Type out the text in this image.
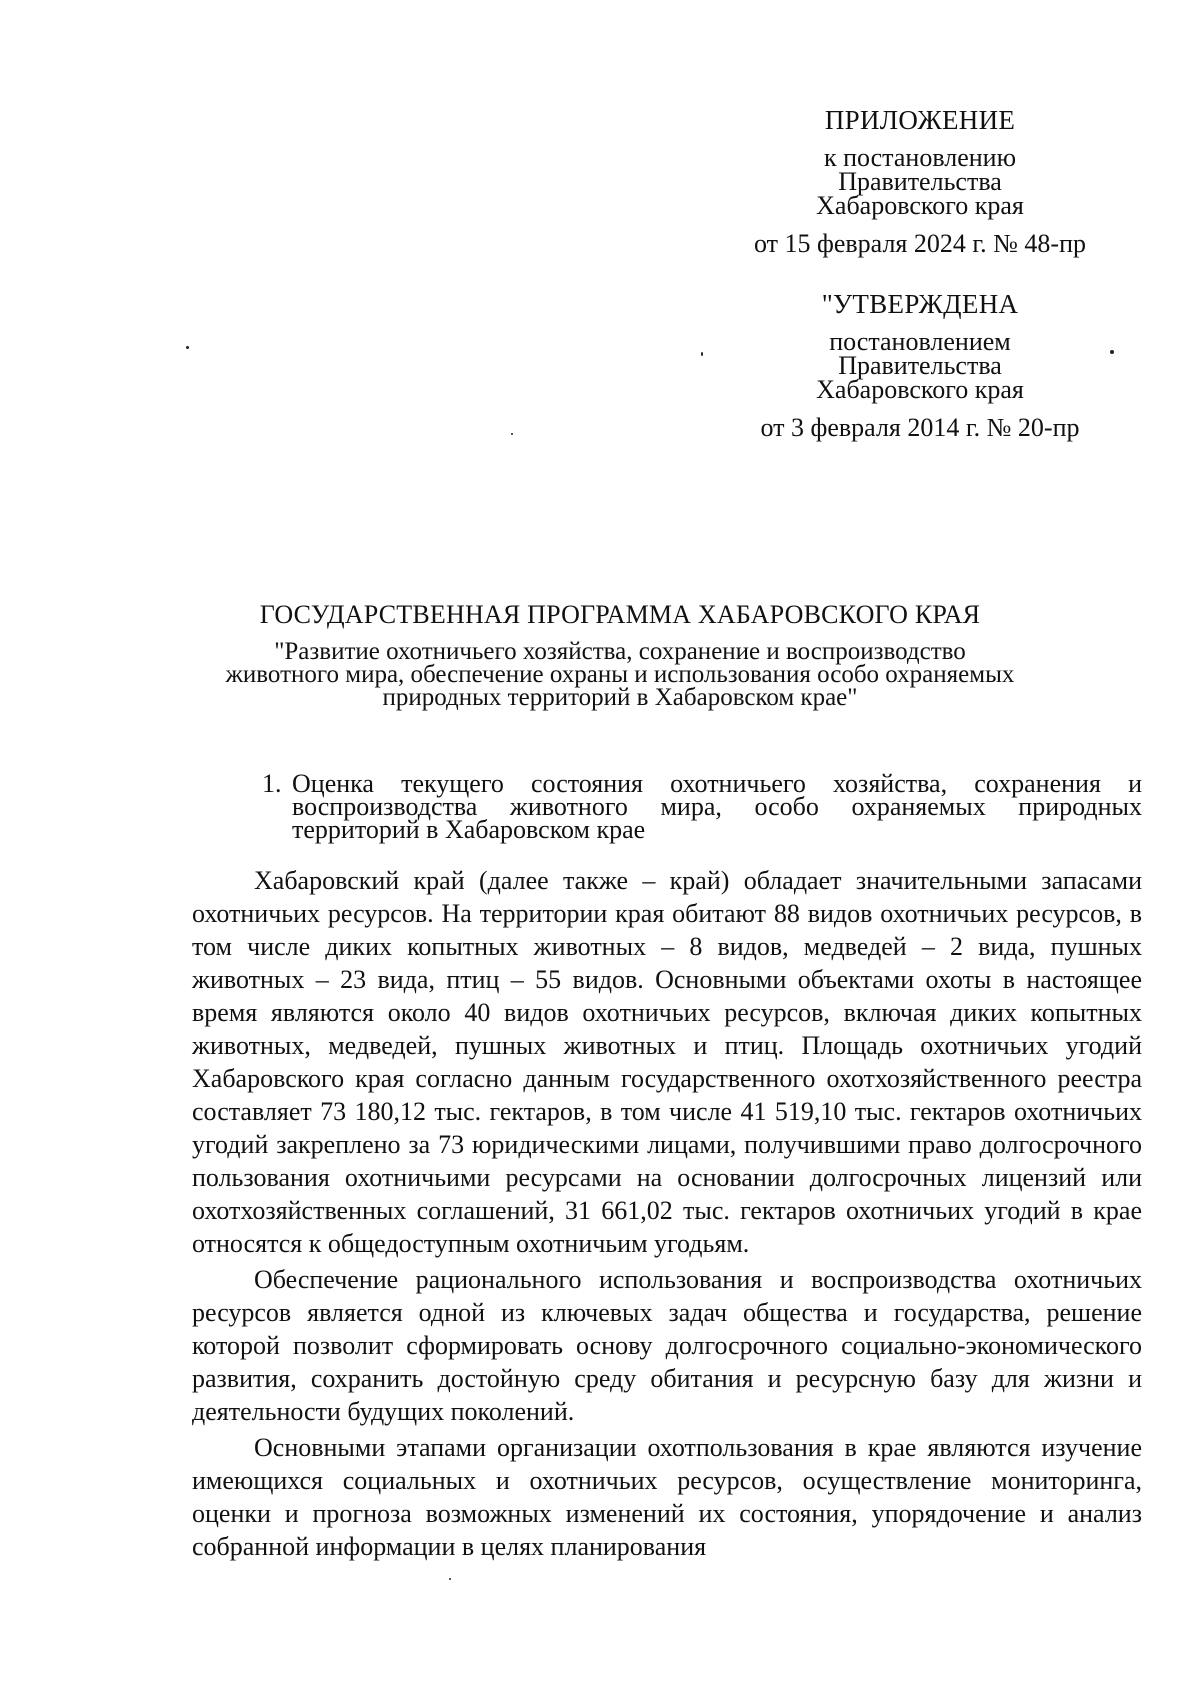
ПРИЛОЖЕНИЕ
к постановлению
Правительства
Хабаровского края
от 15 февраля 2024 г. № 48-пр
"УТВЕРЖДЕНА
постановлением
Правительства
Хабаровского края
от 3 февраля 2014 г. № 20-пр
ГОСУДАРСТВЕННАЯ ПРОГРАММА ХАБАРОВСКОГО КРАЯ
"Развитие охотничьего хозяйства, сохранение и воспроизводство
животного мира, обеспечение охраны и использования особо охраняемых
природных территорий в Хабаровском крае"
1. Оценка текущего состояния охотничьего хозяйства, сохранения и воспроизводства животного мира, особо охраняемых природных территорий в Хабаровском крае

Хабаровский край (далее также – край) обладает значительными запасами охотничьих ресурсов. На территории края обитают 88 видов охотничьих ресурсов, в том числе диких копытных животных – 8 видов, медведей – 2 вида, пушных животных – 23 вида, птиц – 55 видов. Основными объектами охоты в настоящее время являются около 40 видов охотничьих ресурсов, включая диких копытных животных, медведей, пушных животных и птиц. Площадь охотничьих угодий Хабаровского края согласно данным государственного охотхозяйственного реестра составляет 73 180,12 тыс. гектаров, в том числе 41 519,10 тыс. гектаров охотничьих угодий закреплено за 73 юридическими лицами, получившими право долгосрочного пользования охотничьими ресурсами на основании долгосрочных лицензий или охотхозяйственных соглашений, 31 661,02 тыс. гектаров охотничьих угодий в крае относятся к общедоступным охотничьим угодьям.

Обеспечение рационального использования и воспроизводства охотничьих ресурсов является одной из ключевых задач общества и государства, решение которой позволит сформировать основу долгосрочного социально-экономического развития, сохранить достойную среду обитания и ресурсную базу для жизни и деятельности будущих поколений.

Основными этапами организации охотпользования в крае являются изучение имеющихся социальных и охотничьих ресурсов, осуществление мониторинга, оценки и прогноза возможных изменений их состояния, упорядочение и анализ собранной информации в целях планирования
